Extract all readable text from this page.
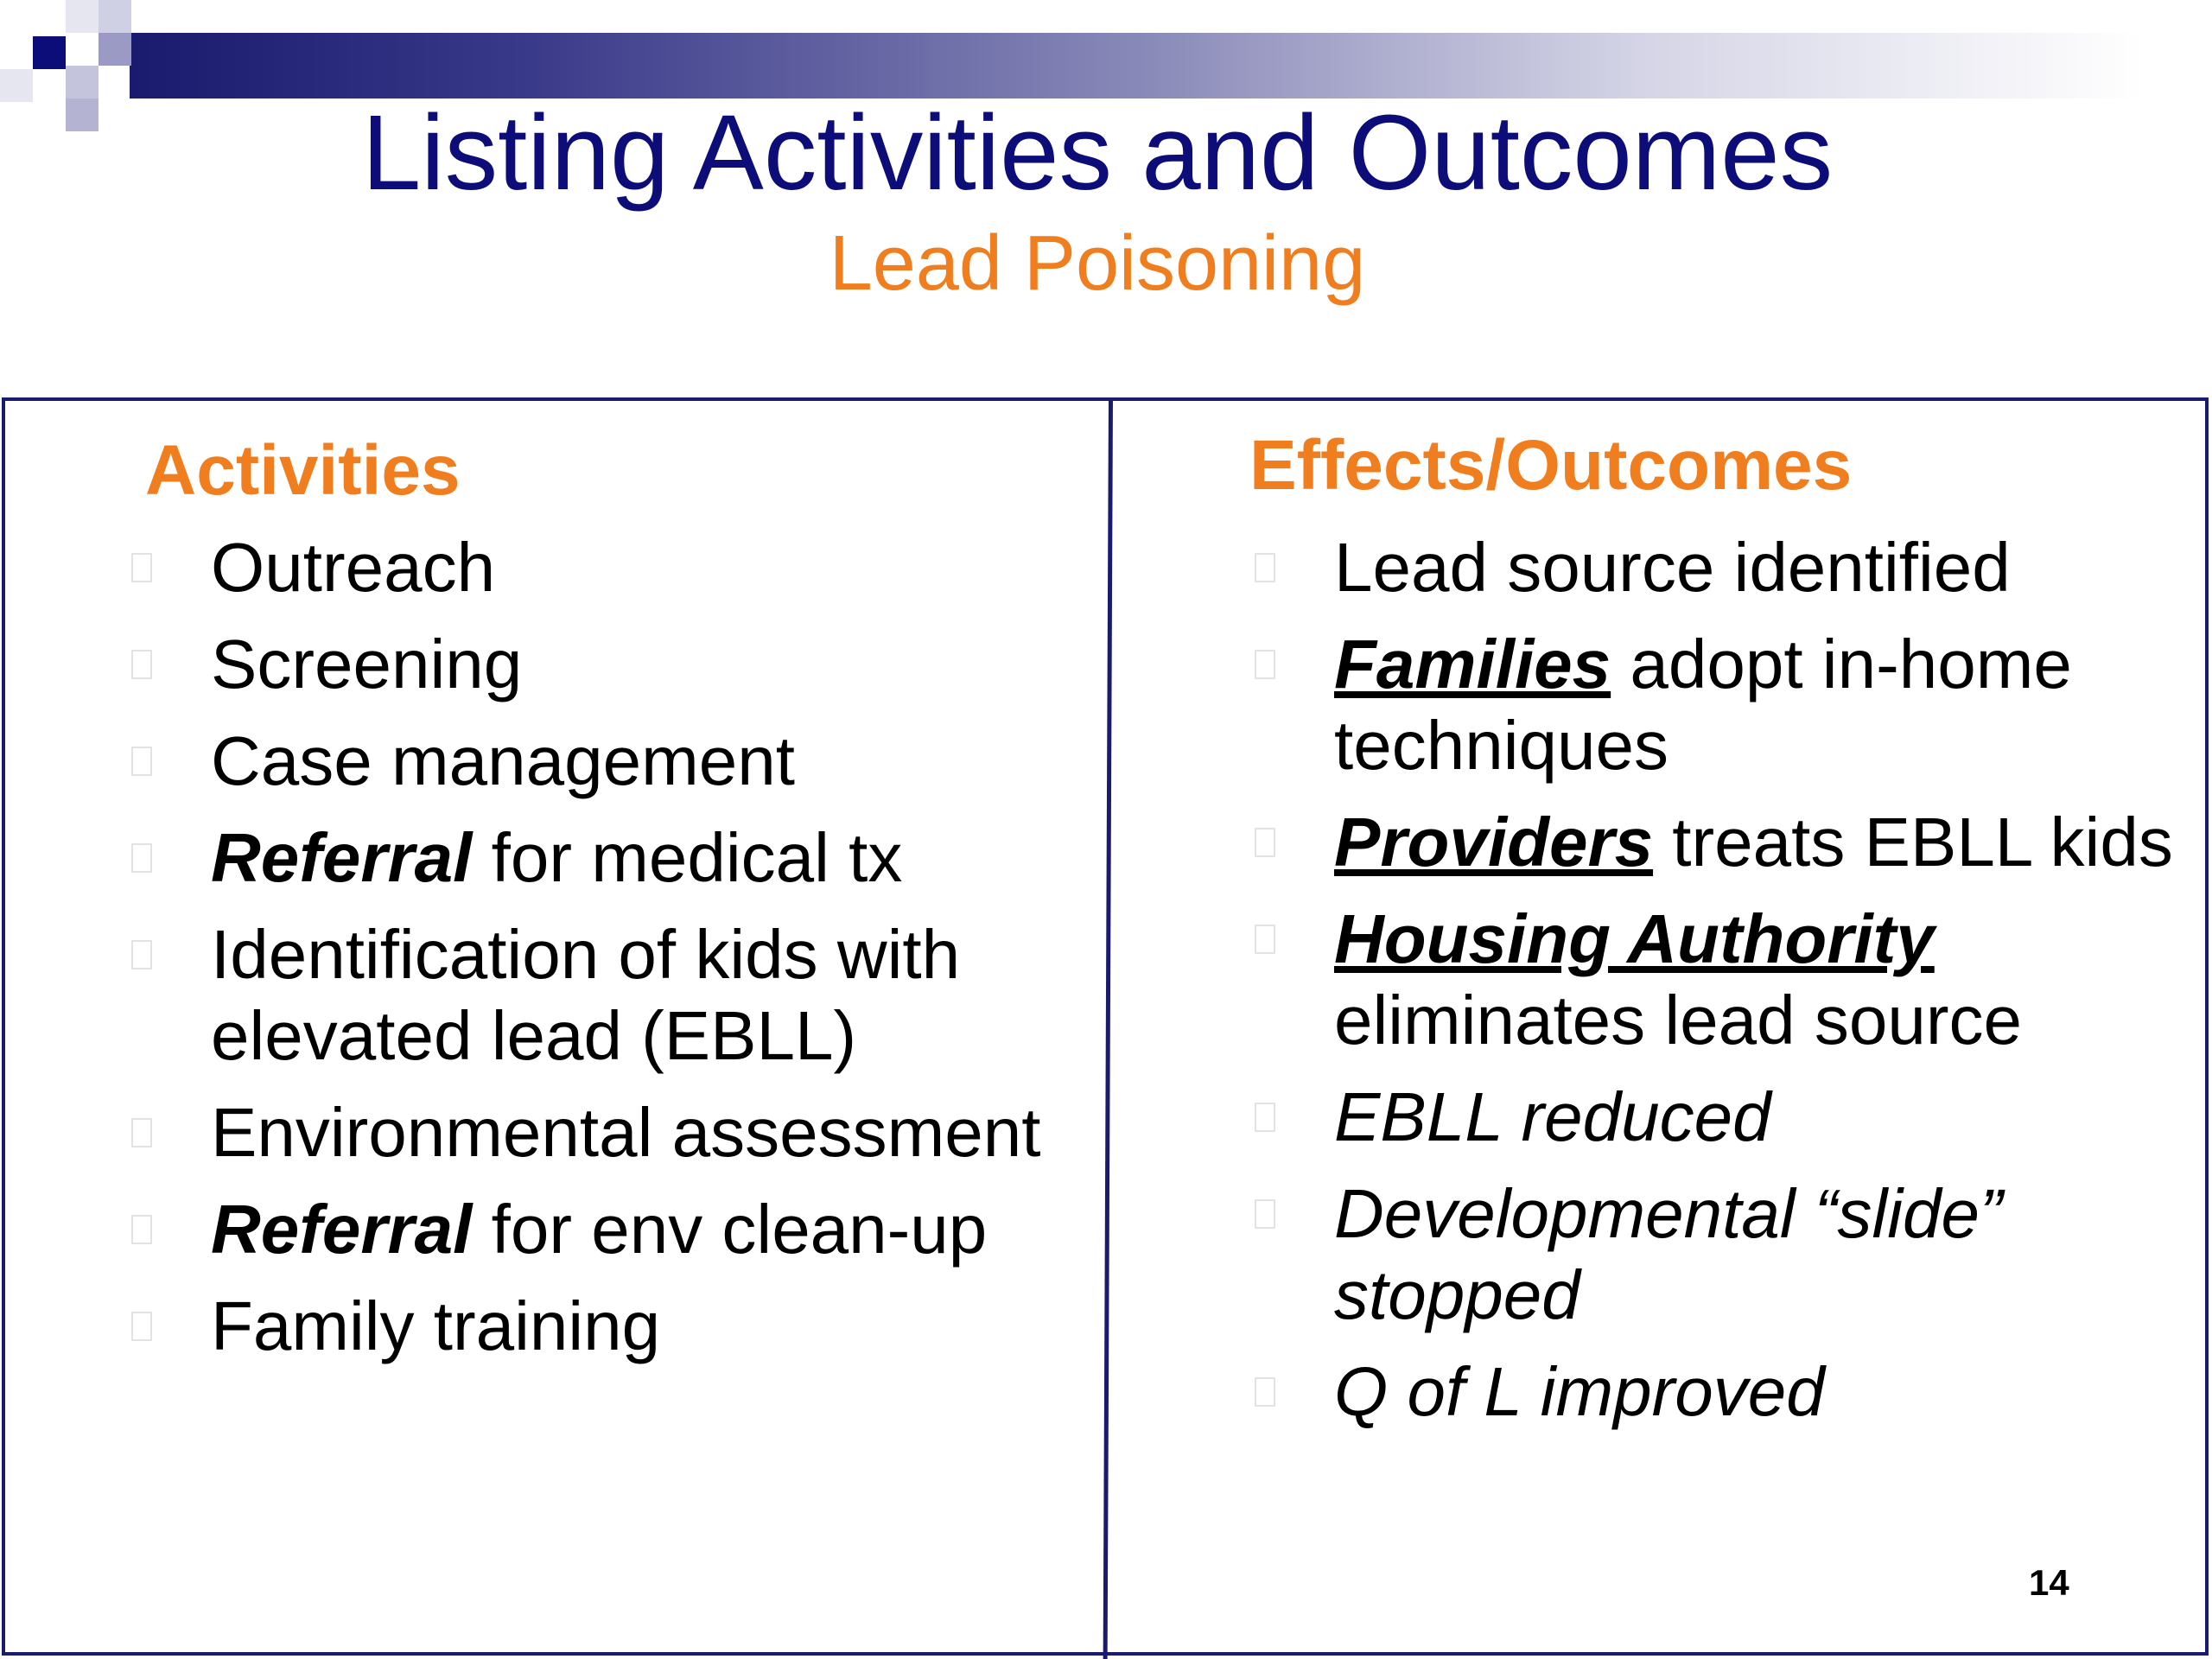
Listing Activities and Outcomes
Lead Poisoning
Activities	Effects/Outcomes
Outreach
Screening
Case management
Referral for medical tx
Identification of kids with elevated lead (EBLL)
Environmental assessment
Referral for env clean-up
Family training
Lead source identified
Families adopt in-home techniques
Providers treats EBLL kids
Housing Authority eliminates lead source
EBLL reduced
Developmental “slide” stopped
Q of L improved
14
